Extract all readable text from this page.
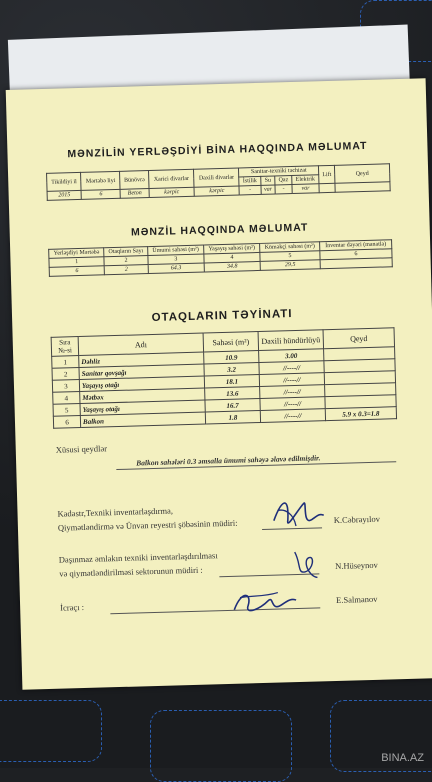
MƏNZİLİN YERLƏŞDİYİ BİNA HAQQINDA MƏLUMAT
Tikildiyi il	Mərtəbə liyi	Bünövrə	Xarici divarlar	Daxili divarlar	Sanitar-texniki təchizat				Lift	Qeyd
					İstilik	Su	Qaz	Elektrik		
2015	6	Beton	kərpic	kərpic	-	var	-	var		
MƏNZİL HAQQINDA MƏLUMAT
Yerləşdiyi Mərtəbə	Otaqların Sayı	Ümumi sahəsi (m²)	Yaşayış sahəsi (m²)	Köməkçi sahəsi (m²)	İnventar dəyəri (manatla)
1	2	3	4	5	6
6	2	64.3	34.8	29.5	
OTAQLARIN TƏYİNATI
Sıra №-si	Adı	Sahəsi (m²)	Daxili hündürlüyü	Qeyd
1	Dəhliz	10.9	3.00	
2	Sanitar qovşağı	3.2	//----//	
3	Yaşayış otağı	18.1	//----//	
4	Mətbəx	13.6	//----//	
5	Yaşayış otağı	16.7	//----//	
6	Balkon	1.8	//----//	5.9 x 0.3=1.8
Xüsusi qeydlər
Balkon sahələri 0.3 əmsalla ümumi sahəyə əlavə edilmişdir.
Kadastr,Texniki inventarlaşdırma,
Qiymətləndirmə və Ünvan reyestri şöbəsinin müdiri:	K.Cəbrayılov
Daşınmaz əmlakın texniki inventarlaşdırılması
və qiymətləndirilməsi sektorunun müdiri :	N.Hüseynov
İcraçı :
E.Salmanov
BINA.AZ
